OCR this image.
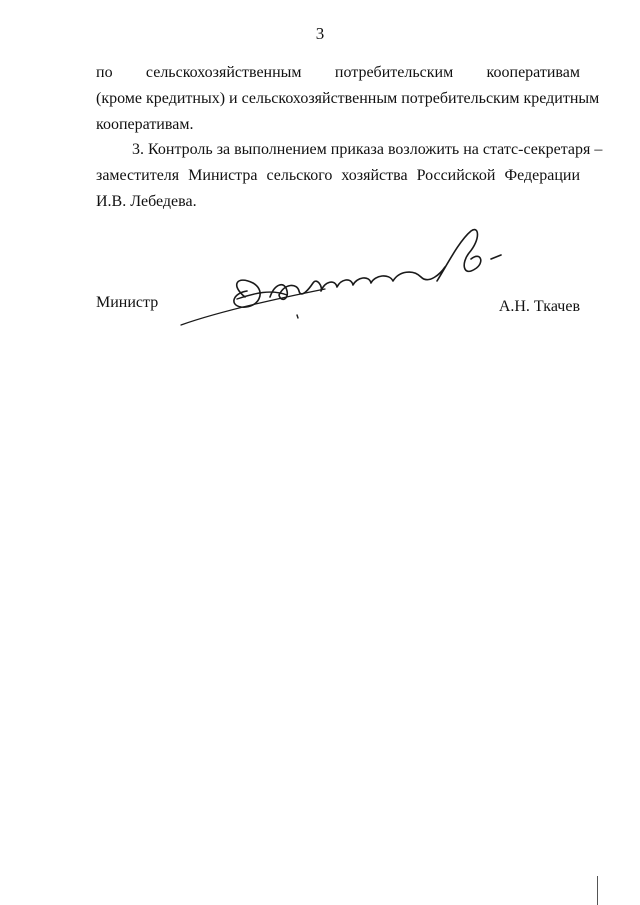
3
по сельскохозяйственным потребительским кооперативам
(кроме кредитных) и сельскохозяйственным потребительским кредитным
кооперативам.
3. Контроль за выполнением приказа возложить на статс-секретаря –
заместителя Министра сельского хозяйства Российской Федерации
И.В. Лебедева.
Министр	А.Н. Ткачев
